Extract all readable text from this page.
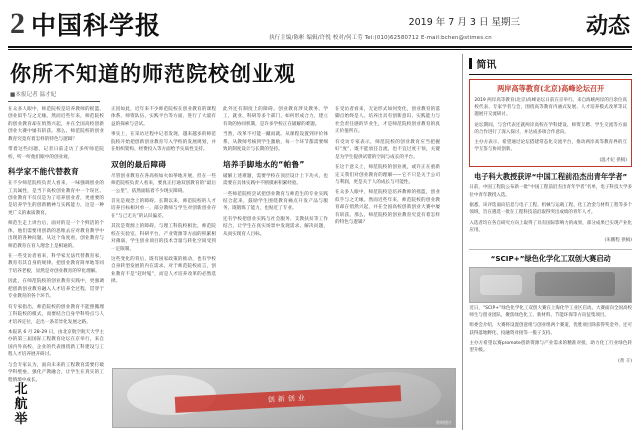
2 中国科学报	2019 年 7 月 3 日 星期三
执行主编/陈彬 编辑/许悦 校对/何工劳 Tel:(010)62580712 E-mail:bchen@stimes.cn	动态
你所不知道的师范院校创业观
■本报记者 温才妃

在众多人眼中，师范院校是培养教师的摇篮，创业似乎与之无缘。然而近些年来，师范院校的创业教育却在悄然兴起，并在全国高校创新创业大赛中屡有斩获。那么，师范院校的创业教育究竟有着怎样的特色与逻辑？

带着这些问题，记者日前走访了多所师范院校，听一听他们眼中的创业观。

科学家不能代替教育

在不少师范院校负责人看来，一味强调创业的工具属性，是当下高校创业教育中一个误区。创业教育不仅仅是为了培养创业者，更重要的是培养学生的创新精神与实践能力，这是一种更广义的素质教育。

师范生走上讲台后，面对的是一个个鲜活的个体，他们需要用创新的思维去应对教育教学中出现的各种问题。从这个角度看，创业教育与师范教育在育人理念上是相通的。

在一些受访者看来，科学家无法代替教育家，教育有其自身的规律。把创业教育简单地等同于培养老板，显然是对创业教育的窄化理解。

因此，在师范院校的创业教育实践中，更强调把创新创业教育融入人才培养全过程，贯穿于专业教育的各个环节。

有专家指出，师范院校的创业教育不能照搬理工科院校的模式，而要结合自身学科特点与人才培养定位，走出一条差异化发展之路。

本报讯 6 月 28-29 日，由北京航空航天大学主办的第三届国际工程教育论坛在京举行，来自国内外高校、企业的代表围绕新工科建设与工程人才培养展开研讨。

与会专家认为，面向未来的工程教育需要打破学科壁垒，强化产教融合，让学生在真实的工程情境中成长。

正因如此，近年来不少师范院校在创业教育的课程体系、师资队伍、实践平台等方面，进行了大量有益的探索与尝试。

事实上，在采访过程中记者发现，越来越多的师范院校开始把创新创业教育写入学校的发展规划，并在组织架构、经费投入等方面给予实质性支持。

双创的最后障碍

尽管创业教育在各高校如火如荼地开展，但在一些师范院校负责人看来，要真正打通双创教育的“最后一公里”，依然面临着不少现实障碍。

首先是观念上的障碍。长期以来，师范院校的人才培养目标相对单一，部分教师与学生对创新创业存在“与己无关”的认识偏差。

其次是资源上的障碍。与理工科院校相比，师范院校在实验室、科研平台、产业资源等方面的积累相对薄弱，学生创业项目的技术含量与转化空间受到一定限制。

这些变化的背后，既有国家政策的推动，也有学校自身转型发展的内在需求。对于师范院校而言，创业教育不是“赶时髦”，而是人才培养改革的必然选择。

此外还有制度上的障碍。创业教育涉及教务、学工、就业、科研等多个部门，如何形成合力，建立有效的协同机制，是许多学校正在破解的难题。

当然，改革不可能一蹴而就。从课程设置到评价体系，从教师考核到学生激励，每一个环节都需要细致的制度设计与长期的坚持。

培养手脚地水的“帕鲁”

破解上述难题，需要学校在顶层设计上下功夫，也需要在具体实践中不断摸索积累经验。

一些师范院校尝试把创业教育与师范生的专业实践结合起来，鼓励学生围绕教育痛点开发产品与服务，既锻炼了能力，也贴近了专业。

还有学校把创业实践与社会服务、支教扶贫等工作结合，让学生在真实场景中发现需求、解决问题，从而实现育人目标。

在受访者看来，无论形式如何变化，创业教育的落脚点始终是人。培养出具有创新意识、实践能力与社会责任感的毕业生，才是师范院校创业教育的真正价值所在。

有受访专家表示，师范院校的创业教育应当把握好“度”，既不能放任自流，也不宜过度干预，关键是为学生提供试错的空间与成长的平台。

在这个意义上，师范院校的创业观，或许正在重新定义我们对创业教育的理解——它不只是关于公司与利润，更是关于人的成长与可能性。

在众多人眼中，师范院校是培养教师的摇篮，创业似乎与之无缘。然而近些年来，师范院校的创业教育却在悄然兴起，并在全国高校创新创业大赛中屡有斩获。那么，师范院校的创业教育究竟有着怎样的特色与逻辑？

北航举
创新创业
资料图片
简讯
两岸高等教育(北京)高峰论坛召开

2019 两岸高等教育(北京)高峰论坛日前在京举行。来自海峡两岸的百余位高校代表、专家学者与会，围绕高等教育内涵式发展、人才培养模式改革等议题展开交流研讨。

论坛期间，与会代表还就两岸高校在学科建设、师资互聘、学生交流等方面的合作进行了深入探讨，并达成多项合作意向。

主办方表示，希望通过论坛搭建常态化交流平台，推动两岸高等教育界的互学互鉴与协同创新。

(温才妃 供稿)
电子科大教授获评“中国工程前沿杰出青年学者”

日前，中国工程院公布新一批“中国工程前沿杰出青年学者”名单，电子科技大学多位中青年教授入选。

据悉，该评选面向信息与电子工程、机械与运载工程、化工冶金与材料工程等多个领域，旨在遴选一批在工程科技前沿取得突出成绩的青年人才。

入选者均在各自研究方向上取得了具有国际影响力的成果，部分成果已实现产业化应用。

(朱鹏程 供稿)
“SCIP+”绿色化学化工双创大赛启动

近日，“SCIP+”绿色化学化工双创大赛在上海化学工业区启动。大赛面向全国高校师生与创业团队，聚焦绿色化工、新材料、节能环保等方向征集项目。

组委会介绍，大赛将设置创意组与创业组两个赛道，优胜项目除获得奖金外，还可获得落地孵化、投融资对接等一揽子支持。

主办方希望以赛promote创新资源与产业需求的精准对接，助力化工行业绿色转型升级。

(黄 辛)
